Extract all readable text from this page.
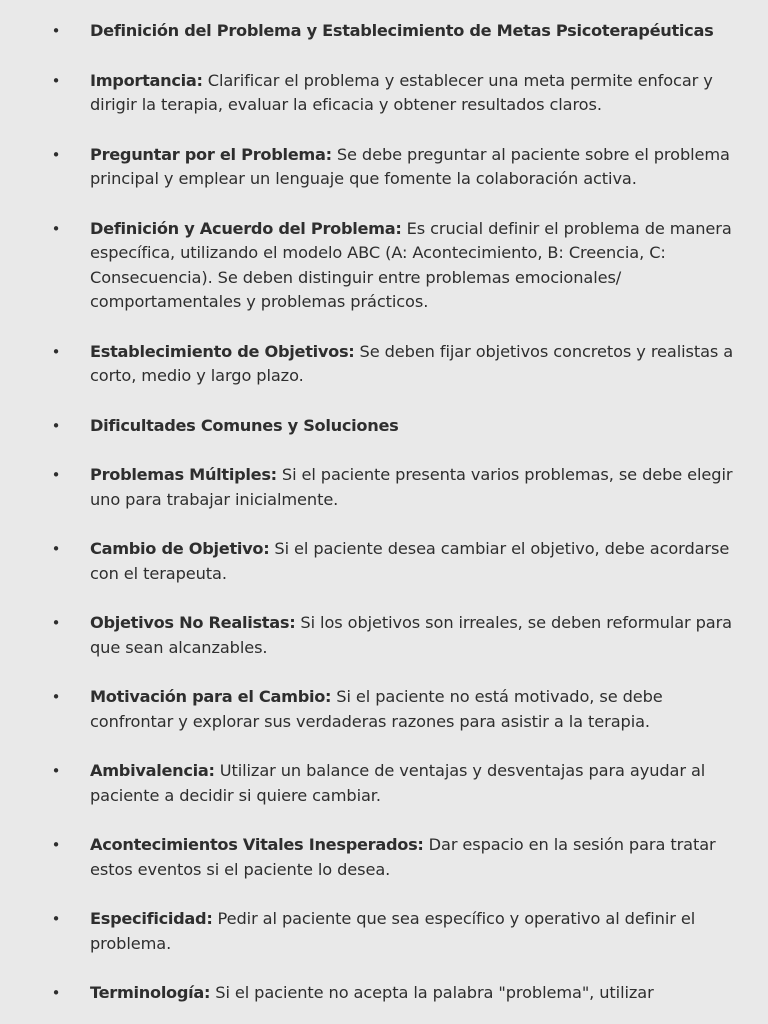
• Definición del Problema y Establecimiento de Metas Psicoterapéuticas
• Importancia: Clarificar el problema y establecer una meta permite enfocar y dirigir la terapia, evaluar la eficacia y obtener resultados claros.
• Preguntar por el Problema: Se debe preguntar al paciente sobre el problema principal y emplear un lenguaje que fomente la colaboración activa.
• Definición y Acuerdo del Problema: Es crucial definir el problema de manera específica, utilizando el modelo ABC (A: Acontecimiento, B: Creencia, C: Consecuencia). Se deben distinguir entre problemas emocionales/ comportamentales y problemas prácticos.
• Establecimiento de Objetivos: Se deben fijar objetivos concretos y realistas a corto, medio y largo plazo.
• Dificultades Comunes y Soluciones
• Problemas Múltiples: Si el paciente presenta varios problemas, se debe elegir uno para trabajar inicialmente.
• Cambio de Objetivo: Si el paciente desea cambiar el objetivo, debe acordarse con el terapeuta.
• Objetivos No Realistas: Si los objetivos son irreales, se deben reformular para que sean alcanzables.
• Motivación para el Cambio: Si el paciente no está motivado, se debe confrontar y explorar sus verdaderas razones para asistir a la terapia.
• Ambivalencia: Utilizar un balance de ventajas y desventajas para ayudar al paciente a decidir si quiere cambiar.
• Acontecimientos Vitales Inesperados: Dar espacio en la sesión para tratar estos eventos si el paciente lo desea.
• Especificidad: Pedir al paciente que sea específico y operativo al definir el problema.
• Terminología: Si el paciente no acepta la palabra "problema", utilizar
